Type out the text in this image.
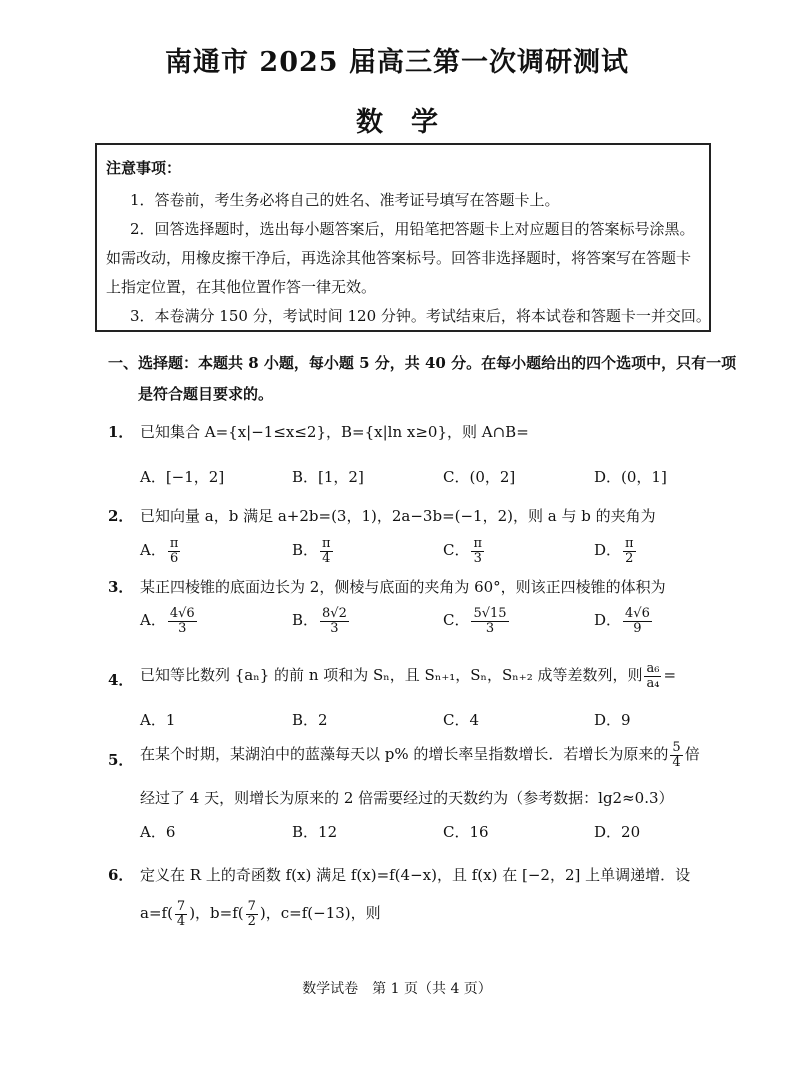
南通市 2025 届高三第一次调研测试
数学
注意事项：
1．答卷前，考生务必将自己的姓名、准考证号填写在答题卡上。
2．回答选择题时，选出每小题答案后，用铅笔把答题卡上对应题目的答案标号涂黑。
如需改动，用橡皮擦干净后，再选涂其他答案标号。回答非选择题时，将答案写在答题卡
上指定位置，在其他位置作答一律无效。
3．本卷满分 150 分，考试时间 120 分钟。考试结束后，将本试卷和答题卡一并交回。
一、选择题：本题共 8 小题，每小题 5 分，共 40 分。在每小题给出的四个选项中，只有一项
是符合题目要求的。
1． 已知集合 A={x|−1≤x≤2}，B={x|ln x≥0}，则 A∩B=
A．[−1，2]	B．[1，2]	C．(0，2]	D．(0，1]
2． 已知向量 a，b 满足 a+2b=(3，1)，2a−3b=(−1，2)，则 a 与 b 的夹角为
A． $\frac{\pi}{6}$	B． $\frac{\pi}{4}$	C． $\frac{\pi}{3}$	D． $\frac{\pi}{2}$
3． 某正四棱锥的底面边长为 2，侧棱与底面的夹角为 60°，则该正四棱锥的体积为
A． $\frac{4√6}{3}$	B． $\frac{8√2}{3}$	C． $\frac{5√15}{3}$	D． $\frac{4√6}{9}$
4． 已知等比数列 {aₙ} 的前 n 项和为 Sₙ，且 Sₙ₊₁，Sₙ，Sₙ₊₂ 成等差数列，则 $\frac{\text{a₆}}{\text{a₄}}$ =
A．1	B．2	C．4	D．9
5． 在某个时期，某湖泊中的蓝藻每天以 p% 的增长率呈指数增长．若增长为原来的 $\frac{5}{4}$ 倍
经过了 4 天，则增长为原来的 2 倍需要经过的天数约为（参考数据：lg2≈0.3）
A．6	B．12	C．16	D．20
6． 定义在 R 上的奇函数 f(x) 满足 f(x)=f(4−x)，且 f(x) 在 [−2，2] 上单调递增．设
$a=f( \frac{7}{4}$ )，$b=f( \frac{7}{2}$ )，c=f(−13)，则
数学试卷　第 1 页（共 4 页）
